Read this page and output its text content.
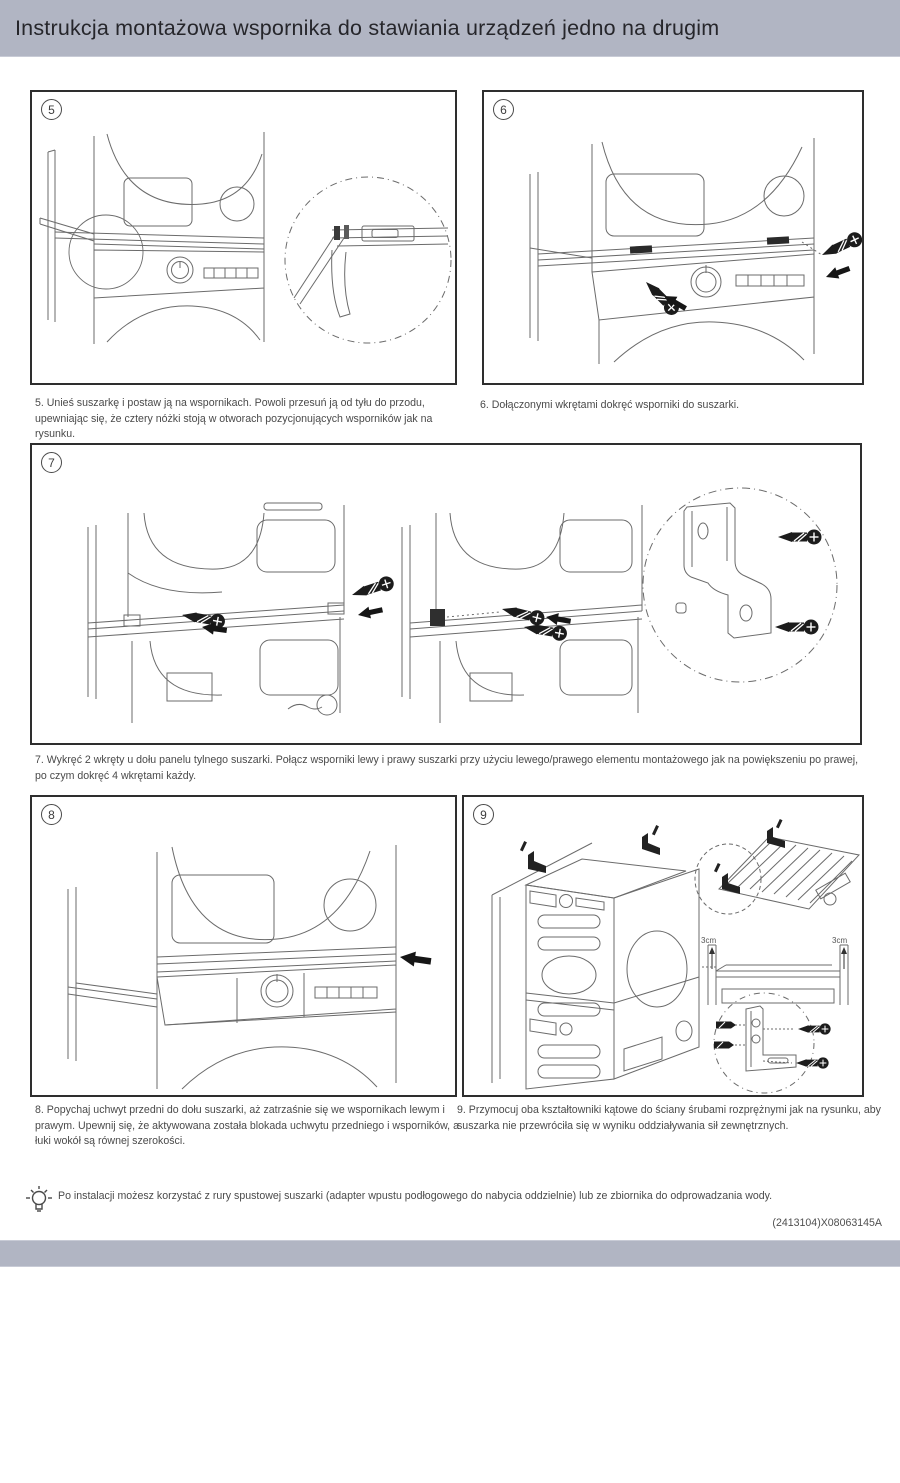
Instrukcja montażowa wspornika do stawiania urządzeń jedno na drugim
5	6
5. Unieś suszarkę i postaw ją na wspornikach. Powoli przesuń ją od tyłu do przodu, upewniając się, że cztery nóżki stoją w otworach pozycjonujących wsporników jak na rysunku.
6. Dołączonymi wkrętami dokręć wsporniki do suszarki.
7
7. Wykręć 2 wkręty u dołu panelu tylnego suszarki. Połącz wsporniki lewy i prawy suszarki przy użyciu lewego/prawego elementu montażowego jak na powiększeniu po prawej, po czym dokręć 4 wkrętami każdy.
8	9
3cm	3cm
8. Popychaj uchwyt przedni do dołu suszarki, aż zatrzaśnie się we wspornikach lewym i prawym. Upewnij się, że aktywowana została blokada uchwytu przedniego i wsporników, a łuki wokół są równej szerokości.
9. Przymocuj oba kształtowniki kątowe do ściany śrubami rozprężnymi jak na rysunku, aby suszarka nie przewróciła się w wyniku oddziaływania sił zewnętrznych.
Po instalacji możesz korzystać z rury spustowej suszarki (adapter wpustu podłogowego do nabycia oddzielnie) lub ze zbiornika do odprowadzania wody.
(2413104)X08063145A
